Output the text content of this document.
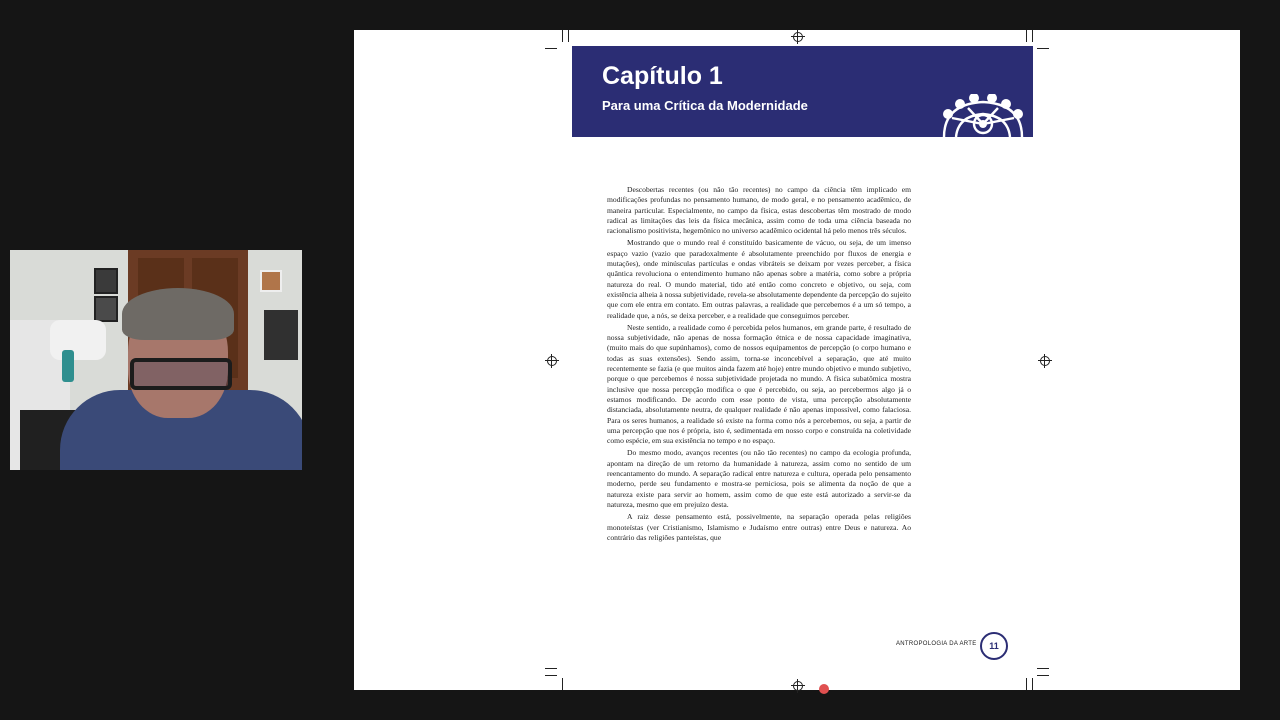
Capítulo 1
Para uma Crítica da Modernidade

Descobertas recentes (ou não tão recentes) no campo da ciência têm implicado em modificações profundas no pensamento humano, de modo geral, e no pensamento acadêmico, de maneira particular. Especialmente, no campo da física, estas descobertas têm mostrado de modo radical as limitações das leis da física mecânica, assim como de toda uma ciência baseada no racionalismo positivista, hegemônico no universo acadêmico ocidental há pelo menos três séculos.

Mostrando que o mundo real é constituído basicamente de vácuo, ou seja, de um imenso espaço vazio (vazio que paradoxalmente é absolutamente preenchido por fluxos de energia e mutações), onde minúsculas partículas e ondas vibráteis se deixam por vezes perceber, a física quântica revoluciona o entendimento humano não apenas sobre a matéria, como sobre a própria natureza do real. O mundo material, tido até então como concreto e objetivo, ou seja, com existência alheia à nossa subjetividade, revela-se absolutamente dependente da percepção do sujeito que com ele entra em contato. Em outras palavras, a realidade que percebemos é a um só tempo, a realidade que, a nós, se deixa perceber, e a realidade que conseguimos perceber.

Neste sentido, a realidade como é percebida pelos humanos, em grande parte, é resultado de nossa subjetividade, não apenas de nossa formação étnica e de nossa capacidade imaginativa, (muito mais do que supúnhamos), como de nossos equipamentos de percepção (o corpo humano e todas as suas extensões). Sendo assim, torna-se inconcebível a separação, que até muito recentemente se fazia (e que muitos ainda fazem até hoje) entre mundo objetivo e mundo subjetivo, porque o que percebemos é nossa subjetividade projetada no mundo. A física subatômica mostra inclusive que nossa percepção modifica o que é percebido, ou seja, ao percebermos algo já o estamos modificando. De acordo com esse ponto de vista, uma percepção absolutamente distanciada, absolutamente neutra, de qualquer realidade é não apenas impossível, como falaciosa. Para os seres humanos, a realidade só existe na forma como nós a percebemos, ou seja, a partir de uma percepção que nos é própria, isto é, sedimentada em nosso corpo e construída na coletividade como espécie, em sua existência no tempo e no espaço.

Do mesmo modo, avanços recentes (ou não tão recentes) no campo da ecologia profunda, apontam na direção de um retorno da humanidade à natureza, assim como no sentido de um reencantamento do mundo. A separação radical entre natureza e cultura, operada pelo pensamento moderno, perde seu fundamento e mostra-se perniciosa, pois se alimenta da noção de que a natureza existe para servir ao homem, assim como de que este está autorizado a servir-se da natureza, mesmo que em prejuízo desta.

A raiz desse pensamento está, possivelmente, na separação operada pelas religiões monoteístas (ver Cristianismo, Islamismo e Judaísmo entre outras) entre Deus e natureza. Ao contrário das religiões panteístas, que

ANTROPOLOGIA DA ARTE	11
